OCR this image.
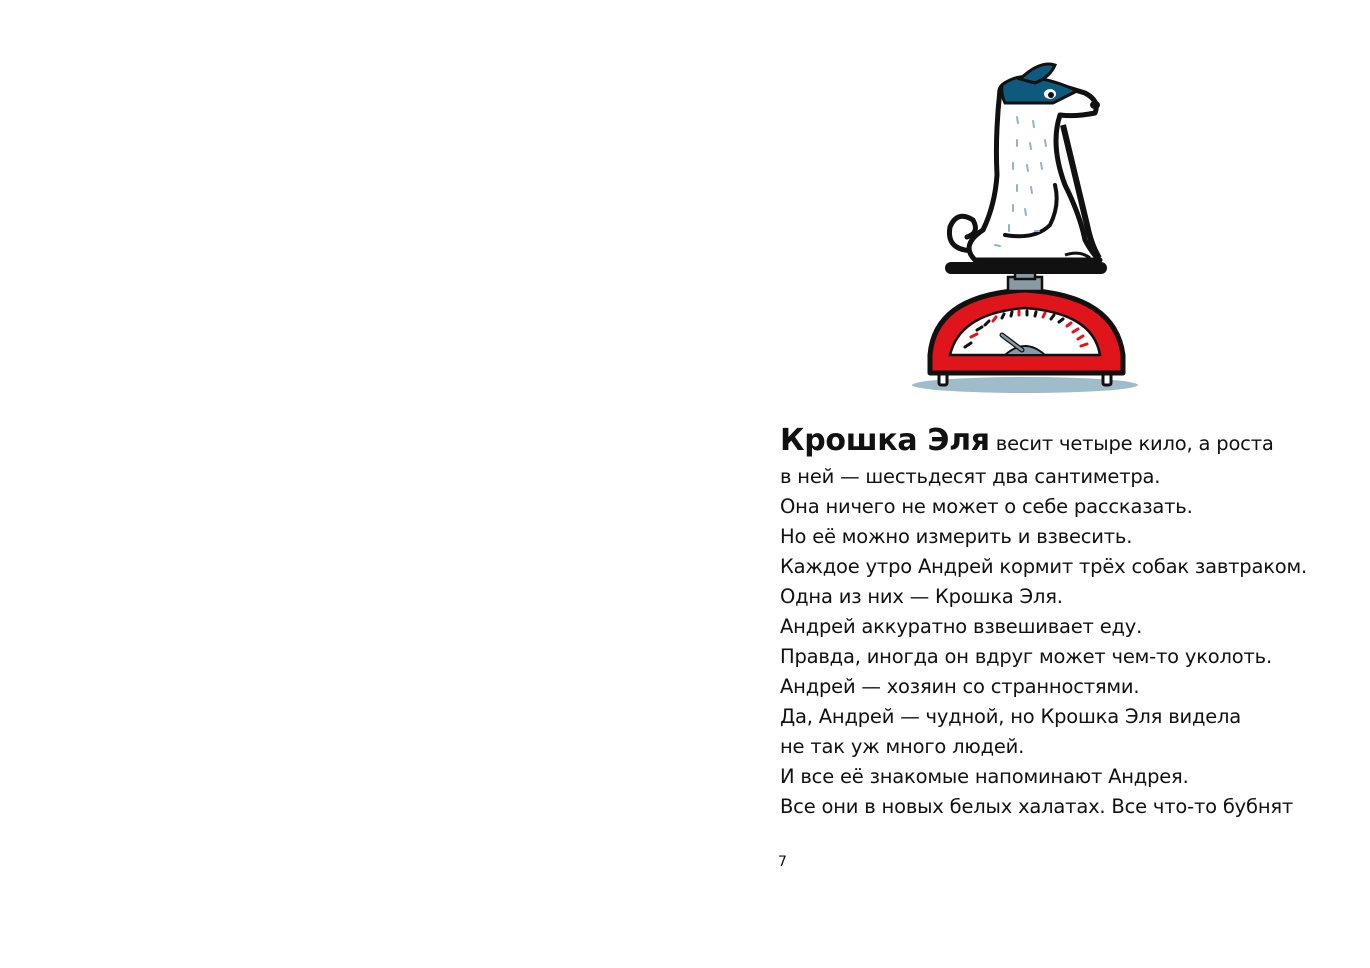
Крошка Эля весит четыре кило, а роста
в ней — шестьдесят два сантиметра.
Она ничего не может о себе рассказать.
Но её можно измерить и взвесить.
Каждое утро Андрей кормит трёх собак завтраком.
Одна из них — Крошка Эля.
Андрей аккуратно взвешивает еду.
Правда, иногда он вдруг может чем-то уколоть.
Андрей — хозяин со странностями.
Да, Андрей — чудной, но Крошка Эля видела
не так уж много людей.
И все её знакомые напоминают Андрея.
Все они в новых белых халатах. Все что-то бубнят
7
